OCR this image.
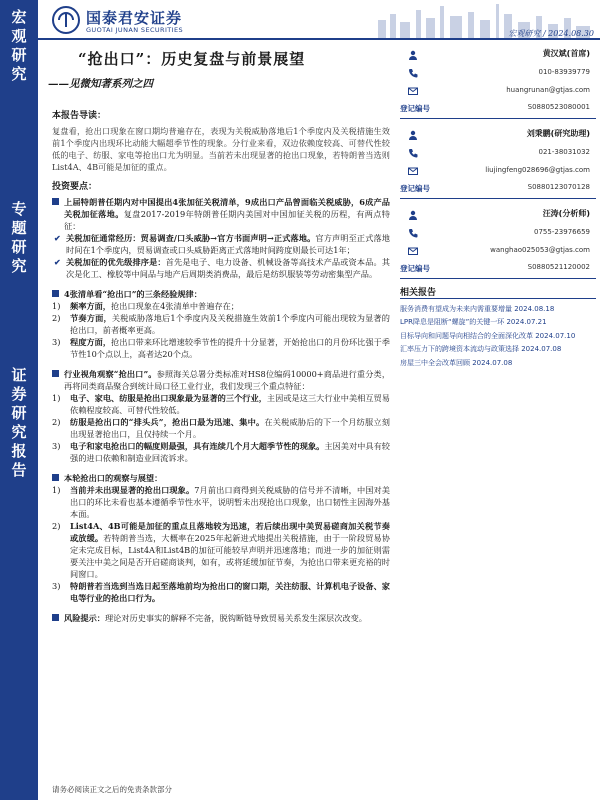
宏
观
研
究
专
题
研
究
证
券
研
究
报
告
国泰君安证券
GUOTAI JUNAN SECURITIES	宏观研究 / 2024.08.30
“抢出口”：历史复盘与前景展望
——见微知著系列之四
本报告导读：
复盘看，抢出口现象在窗口期均普遍存在，表现为关税威胁落地后1个季度内及关税措施生效前1个季度内出现环比动能大幅超季节性的现象。分行业来看，双边依赖度较高、可替代性较低的电子、纺服、家电等抢出口尤为明显。当前若未出现显著的抢出口现象，若特朗普当选则List4A、4B可能是加征的重点。
投资要点：
上届特朗普任期内对中国提出4张加征关税清单，9成出口产品曾面临关税威胁，6成产品关税加征落地。复盘2017-2019年特朗普任期内美国对中国加征关税的历程，有两点特征：
✔ 关税加征通常经历：贸易调查/口头威胁→官方书面声明→正式落地。官方声明至正式落地时间在1个季度内，贸易调查或口头威胁距离正式落地时间跨度则最长可达1年；
✔ 关税加征的优先级排序是：首先是电子、电力设备、机械设备等高技术产品或资本品。其次是化工、橡胶等中间品与地产后周期类消费品，最后是纺织服装等劳动密集型产品。
4张清单看“抢出口”的三条经验规律：
1) 频率方面，抢出口现象在4张清单中普遍存在；
2) 节奏方面，关税威胁落地后1个季度内及关税措施生效前1个季度内可能出现较为显著的抢出口，前者概率更高。
3) 程度方面，抢出口带来环比增速较季节性的提升十分显著，开始抢出口的月份环比强于季节性10个点以上，高者达20个点。
行业视角观察“抢出口”。参照海关总署分类标准对HS8位编码10000+商品进行重分类，再将同类商品聚合到统计局口径工业行业，我们发现三个重点特征：
1) 电子、家电、纺服是抢出口现象最为显著的三个行业，主因或是这三大行业中美相互贸易依赖程度较高、可替代性较低。
2) 纺服是抢出口的“排头兵”，抢出口最为迅速、集中。在关税威胁后的下一个月纺服立刻出现显著抢出口，且仅持续一个月。
3) 电子和家电抢出口的幅度则最强，具有连续几个月大超季节性的现象。主因美对中具有较强的进口依赖和制造业回流诉求。
本轮抢出口的观察与展望：
1) 当前并未出现显著的抢出口现象。7月前出口商得到关税威胁的信号并不清晰，中国对美出口的环比未看也基本遵循季节性水平，说明暂未出现抢出口现象，出口韧性主因海外基本面。
2) List4A、4B可能是加征的重点且落地较为迅速，若后续出现中美贸易磋商加关税节奏或放缓。若特朗普当选，大概率在2025年起新进式地提出关税措施，由于一阶段贸易协定未完成目标，List4A和List4B的加征可能较早声明并迅速落地；而进一步的加征则需要关注中美之间是否开启磋商谈判，如有，或将延缓加征节奏，为抢出口带来更充裕的时间窗口。
3) 特朗普若当选到当选日起至落地前均为抢出口的窗口期，关注纺服、计算机电子设备、家电等行业的抢出口行为。
风险提示：理论对历史事实的解释不完备，脱钩断链导致贸易关系发生深层次改变。
黄汉斌(首席)
010-83939779
huangrunan@gtjas.com
登记编号	S0880523080001
刘秉鹏(研究助理)
021-38031032
liujingfeng028696@gtjas.com
登记编号	S0880123070128
汪涛(分析师)
0755-23976659
wanghao025053@gtjas.com
登记编号	S0880521120002
相关报告
服务消费有望成为未来内需重要增量 2024.08.18
LPR降息是阻断“螺旋”的关键一环 2024.07.21
目标导向和问题导向相结合的全面深化改革 2024.07.10
汇率压力下的跨境资本流动与政策选择 2024.07.08
房屋三中全会改革回顾 2024.07.08
请务必阅读正文之后的免责条款部分
